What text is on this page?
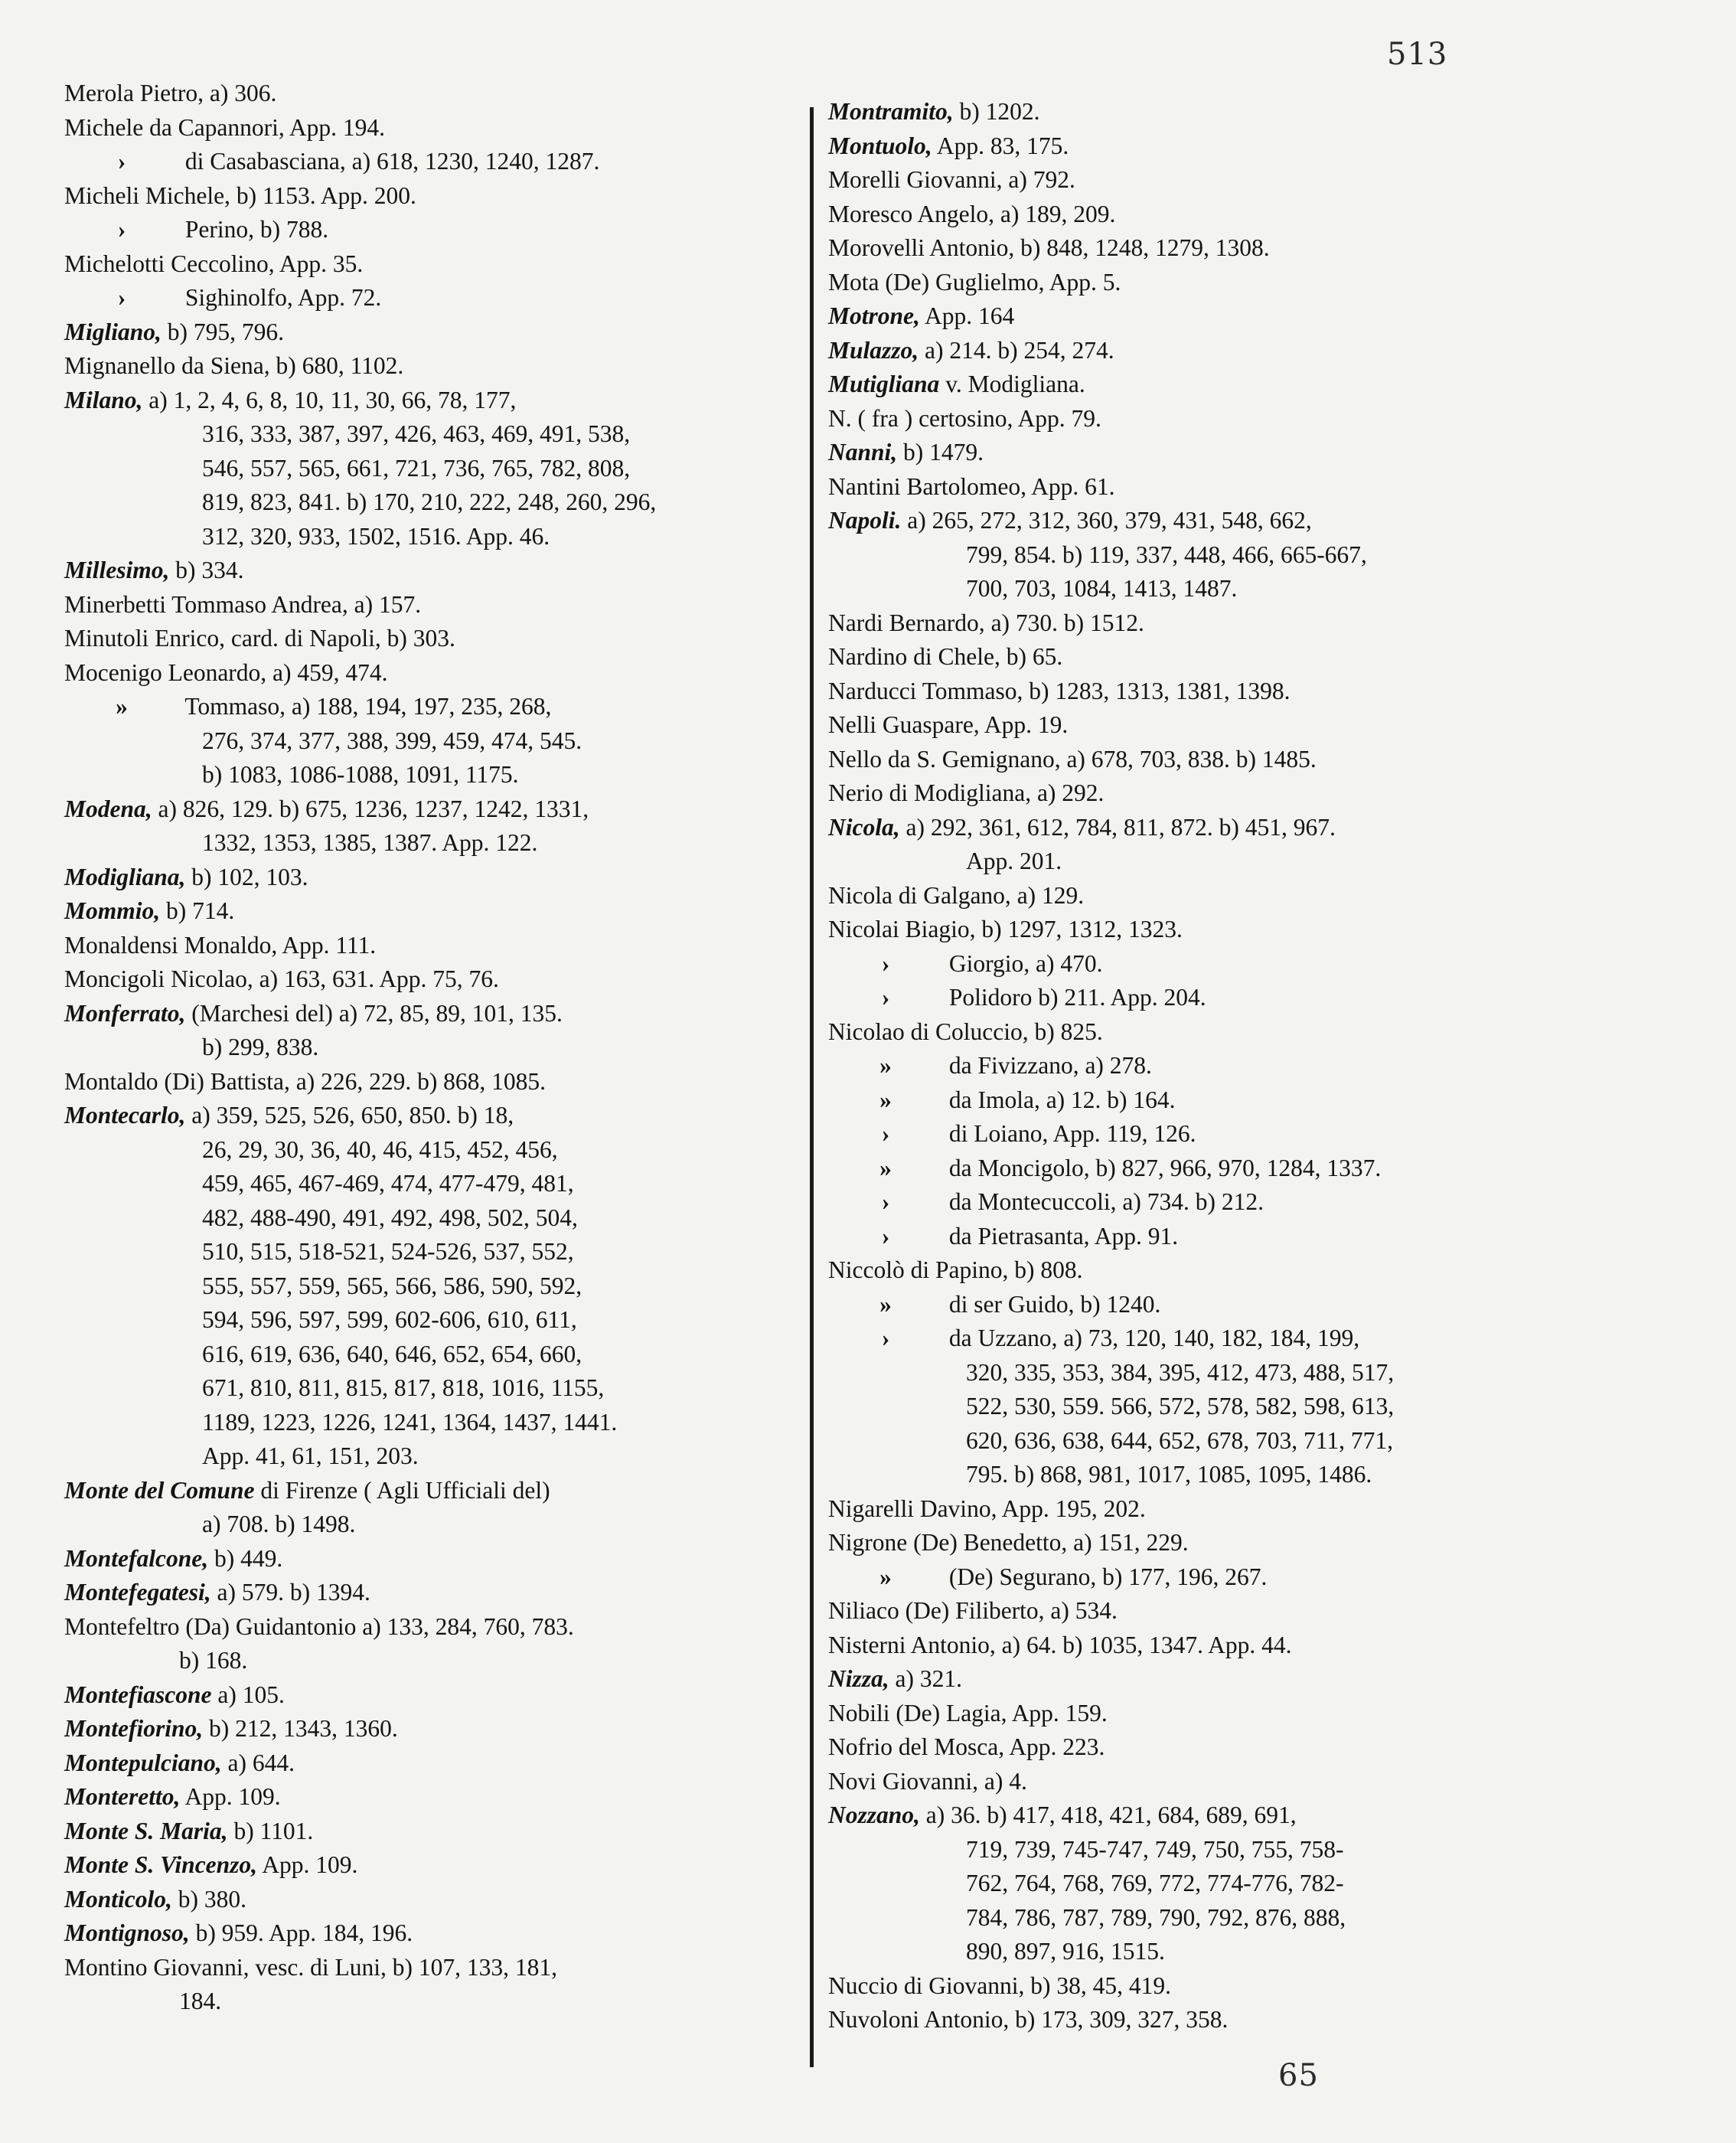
513
Merola Pietro, a) 306.
Michele da Capannori, App. 194.
› di Casabasciana, a) 618, 1230, 1240, 1287.
Micheli Michele, b) 1153. App. 200.
› Perino, b) 788.
Michelotti Ceccolino, App. 35.
› Sighinolfo, App. 72.
Migliano, b) 795, 796.
Mignanello da Siena, b) 680, 1102.
Milano, a) 1, 2, 4, 6, 8, 10, 11, 30, 66, 78, 177,
316, 333, 387, 397, 426, 463, 469, 491, 538,
546, 557, 565, 661, 721, 736, 765, 782, 808,
819, 823, 841. b) 170, 210, 222, 248, 260, 296,
312, 320, 933, 1502, 1516. App. 46.
Millesimo, b) 334.
Minerbetti Tommaso Andrea, a) 157.
Minutoli Enrico, card. di Napoli, b) 303.
Mocenigo Leonardo, a) 459, 474.
» Tommaso, a) 188, 194, 197, 235, 268,
276, 374, 377, 388, 399, 459, 474, 545.
b) 1083, 1086-1088, 1091, 1175.
Modena, a) 826, 129. b) 675, 1236, 1237, 1242, 1331,
1332, 1353, 1385, 1387. App. 122.
Modigliana, b) 102, 103.
Mommio, b) 714.
Monaldensi Monaldo, App. 111.
Moncigoli Nicolao, a) 163, 631. App. 75, 76.
Monferrato, (Marchesi del) a) 72, 85, 89, 101, 135.
b) 299, 838.
Montaldo (Di) Battista, a) 226, 229. b) 868, 1085.
Montecarlo, a) 359, 525, 526, 650, 850. b) 18,
26, 29, 30, 36, 40, 46, 415, 452, 456,
459, 465, 467-469, 474, 477-479, 481,
482, 488-490, 491, 492, 498, 502, 504,
510, 515, 518-521, 524-526, 537, 552,
555, 557, 559, 565, 566, 586, 590, 592,
594, 596, 597, 599, 602-606, 610, 611,
616, 619, 636, 640, 646, 652, 654, 660,
671, 810, 811, 815, 817, 818, 1016, 1155,
1189, 1223, 1226, 1241, 1364, 1437, 1441.
App. 41, 61, 151, 203.
Monte del Comune di Firenze ( Agli Ufficiali del)
a) 708. b) 1498.
Montefalcone, b) 449.
Montefegatesi, a) 579. b) 1394.
Montefeltro (Da) Guidantonio a) 133, 284, 760, 783.
b) 168.
Montefiascone a) 105.
Montefiorino, b) 212, 1343, 1360.
Montepulciano, a) 644.
Monteretto, App. 109.
Monte S. Maria, b) 1101.
Monte S. Vincenzo, App. 109.
Monticolo, b) 380.
Montignoso, b) 959. App. 184, 196.
Montino Giovanni, vesc. di Luni, b) 107, 133, 181,
184.
Montramito, b) 1202.
Montuolo, App. 83, 175.
Morelli Giovanni, a) 792.
Moresco Angelo, a) 189, 209.
Morovelli Antonio, b) 848, 1248, 1279, 1308.
Mota (De) Guglielmo, App. 5.
Motrone, App. 164
Mulazzo, a) 214. b) 254, 274.
Mutigliana v. Modigliana.
N. ( fra ) certosino, App. 79.
Nanni, b) 1479.
Nantini Bartolomeo, App. 61.
Napoli. a) 265, 272, 312, 360, 379, 431, 548, 662,
799, 854. b) 119, 337, 448, 466, 665-667,
700, 703, 1084, 1413, 1487.
Nardi Bernardo, a) 730. b) 1512.
Nardino di Chele, b) 65.
Narducci Tommaso, b) 1283, 1313, 1381, 1398.
Nelli Guaspare, App. 19.
Nello da S. Gemignano, a) 678, 703, 838. b) 1485.
Nerio di Modigliana, a) 292.
Nicola, a) 292, 361, 612, 784, 811, 872. b) 451, 967.
App. 201.
Nicola di Galgano, a) 129.
Nicolai Biagio, b) 1297, 1312, 1323.
› Giorgio, a) 470.
› Polidoro b) 211. App. 204.
Nicolao di Coluccio, b) 825.
» da Fivizzano, a) 278.
» da Imola, a) 12. b) 164.
› di Loiano, App. 119, 126.
» da Moncigolo, b) 827, 966, 970, 1284, 1337.
› da Montecuccoli, a) 734. b) 212.
› da Pietrasanta, App. 91.
Niccolò di Papino, b) 808.
» di ser Guido, b) 1240.
› da Uzzano, a) 73, 120, 140, 182, 184, 199,
320, 335, 353, 384, 395, 412, 473, 488, 517,
522, 530, 559. 566, 572, 578, 582, 598, 613,
620, 636, 638, 644, 652, 678, 703, 711, 771,
795. b) 868, 981, 1017, 1085, 1095, 1486.
Nigarelli Davino, App. 195, 202.
Nigrone (De) Benedetto, a) 151, 229.
» (De) Segurano, b) 177, 196, 267.
Niliaco (De) Filiberto, a) 534.
Nisterni Antonio, a) 64. b) 1035, 1347. App. 44.
Nizza, a) 321.
Nobili (De) Lagia, App. 159.
Nofrio del Mosca, App. 223.
Novi Giovanni, a) 4.
Nozzano, a) 36. b) 417, 418, 421, 684, 689, 691,
719, 739, 745-747, 749, 750, 755, 758-
762, 764, 768, 769, 772, 774-776, 782-
784, 786, 787, 789, 790, 792, 876, 888,
890, 897, 916, 1515.
Nuccio di Giovanni, b) 38, 45, 419.
Nuvoloni Antonio, b) 173, 309, 327, 358.
65
